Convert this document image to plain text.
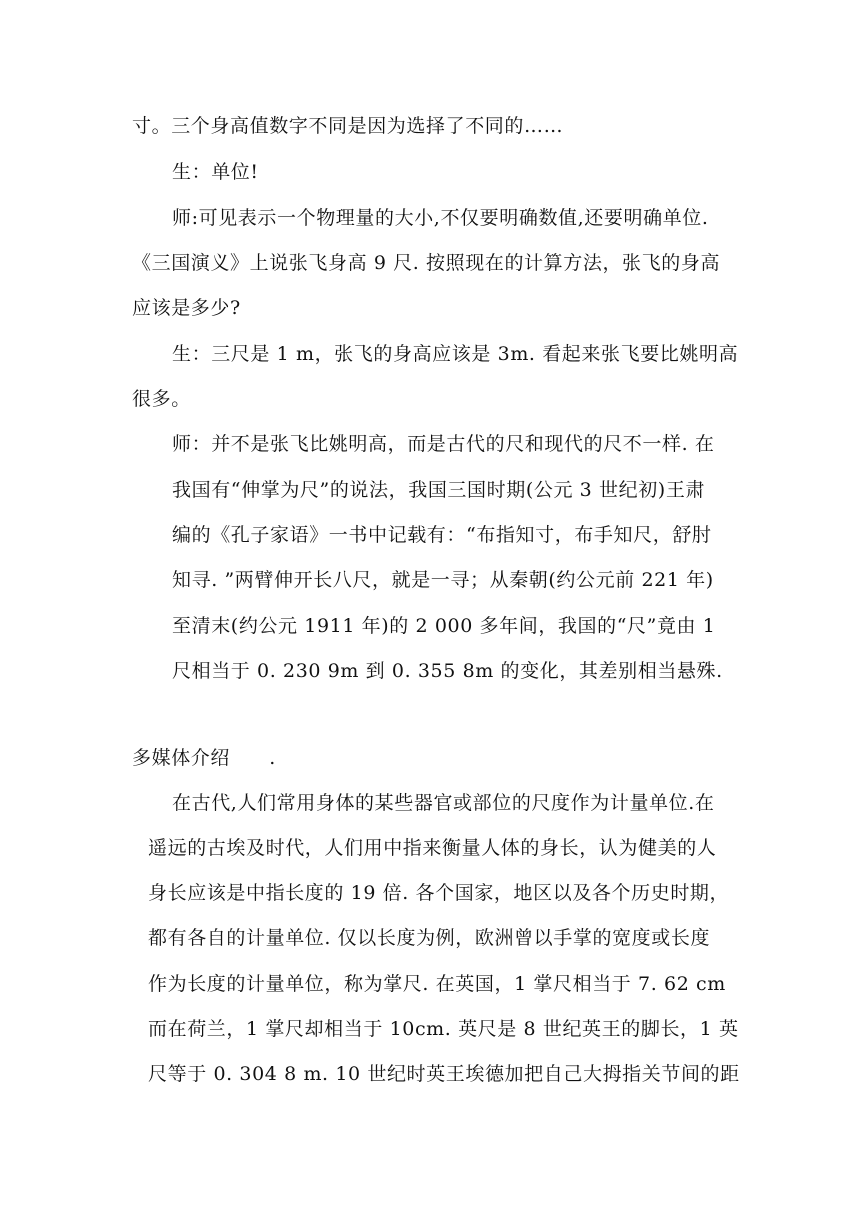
寸。三个身高值数字不同是因为选择了不同的……
生：单位!
师:可见表示一个物理量的大小,不仅要明确数值,还要明确单位.
《三国演义》上说张飞身高 9 尺. 按照现在的计算方法，张飞的身高
应该是多少?
生：三尺是 1 m，张飞的身高应该是 3m. 看起来张飞要比姚明高
很多。
师：并不是张飞比姚明高，而是古代的尺和现代的尺不一样. 在
我国有“伸掌为尺”的说法，我国三国时期(公元 3 世纪初)王肃
编的《孔子家语》一书中记载有：“布指知寸，布手知尺，舒肘
知寻. ”两臂伸开长八尺，就是一寻；从秦朝(约公元前 221 年)
至清末(约公元 1911 年)的 2 000 多年间，我国的“尺”竟由 1
尺相当于 0. 230 9m 到 0. 355 8m 的变化，其差别相当悬殊.
多媒体介绍　　.
在古代,人们常用身体的某些器官或部位的尺度作为计量单位.在
遥远的古埃及时代，人们用中指来衡量人体的身长，认为健美的人
身长应该是中指长度的 19 倍. 各个国家，地区以及各个历史时期，
都有各自的计量单位. 仅以长度为例，欧洲曾以手掌的宽度或长度
作为长度的计量单位，称为掌尺. 在英国，1 掌尺相当于 7. 62 cm
而在荷兰，1 掌尺却相当于 10cm. 英尺是 8 世纪英王的脚长，1 英
尺等于 0. 304 8 m. 10 世纪时英王埃德加把自己大拇指关节间的距
